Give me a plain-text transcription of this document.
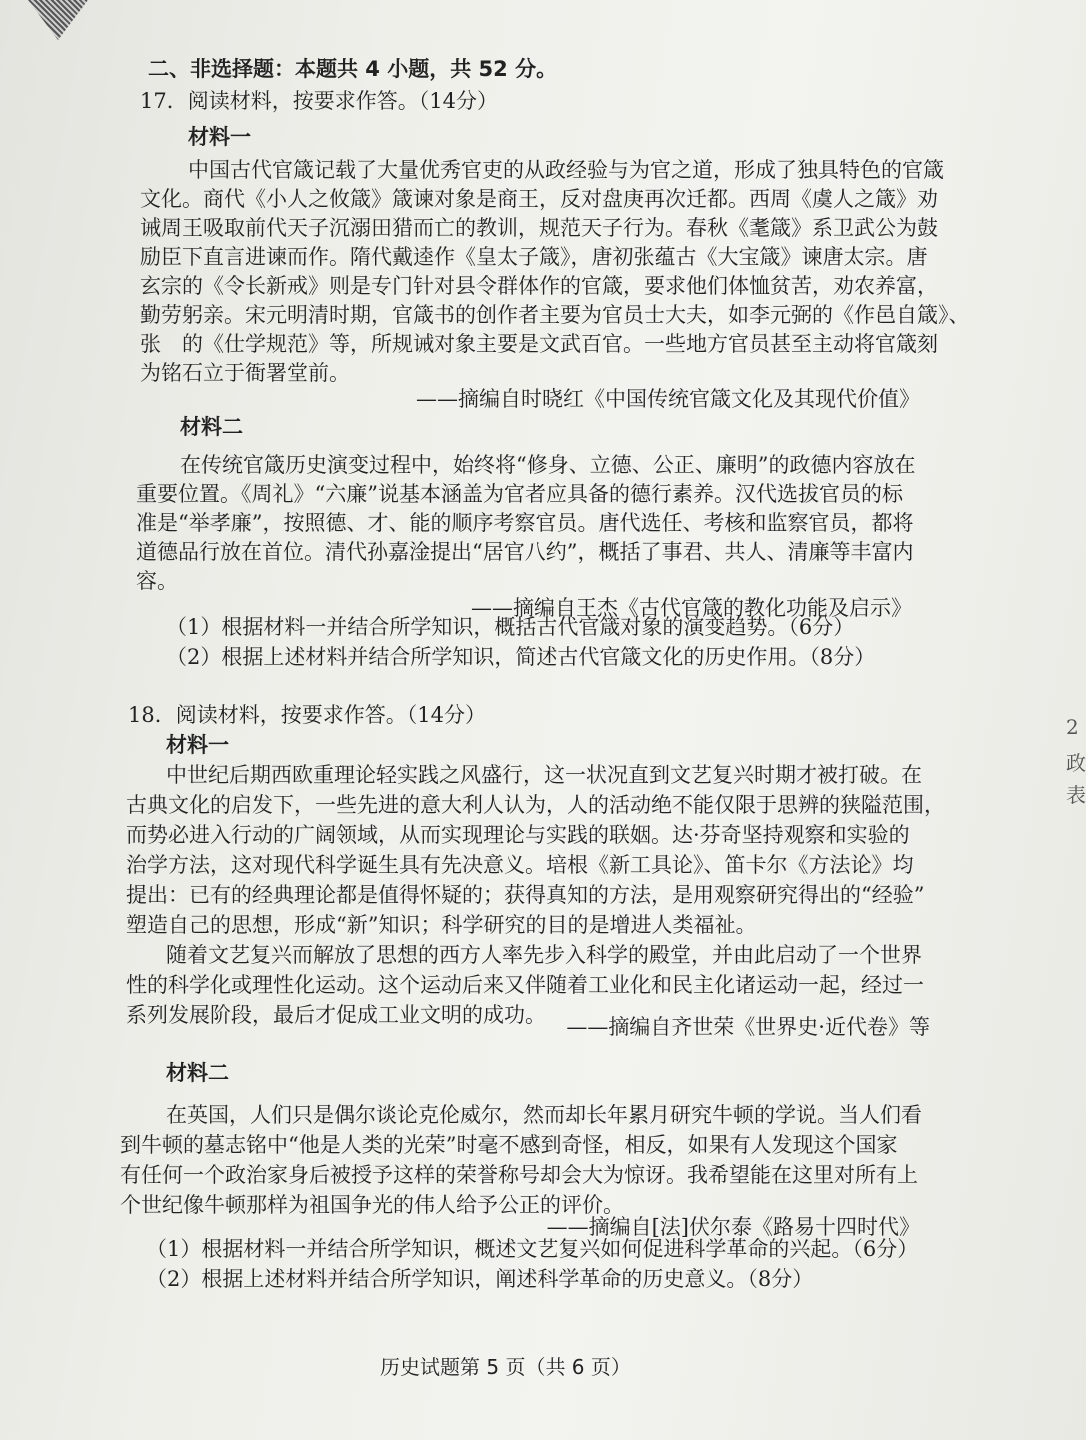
2
政
表
二、非选择题：本题共 4 小题，共 52 分。
17．阅读材料，按要求作答。（14分）
材料一
中国古代官箴记载了大量优秀官吏的从政经验与为官之道，形成了独具特色的官箴
文化。商代《小人之攸箴》箴谏对象是商王，反对盘庚再次迁都。西周《虞人之箴》劝
诫周王吸取前代天子沉溺田猎而亡的教训，规范天子行为。春秋《耄箴》系卫武公为鼓
励臣下直言进谏而作。隋代戴逵作《皇太子箴》，唐初张蕴古《大宝箴》谏唐太宗。唐
玄宗的《令长新戒》则是专门针对县令群体作的官箴，要求他们体恤贫苦，劝农养富，
勤劳躬亲。宋元明清时期，官箴书的创作者主要为官员士大夫，如李元弼的《作邑自箴》、
张　的《仕学规范》等，所规诫对象主要是文武百官。一些地方官员甚至主动将官箴刻
为铭石立于衙署堂前。
——摘编自时晓红《中国传统官箴文化及其现代价值》
材料二
在传统官箴历史演变过程中，始终将“修身、立德、公正、廉明”的政德内容放在
重要位置。《周礼》“六廉”说基本涵盖为官者应具备的德行素养。汉代选拔官员的标
准是“举孝廉”，按照德、才、能的顺序考察官员。唐代选任、考核和监察官员，都将
道德品行放在首位。清代孙嘉淦提出“居官八约”，概括了事君、共人、清廉等丰富内
容。
——摘编自王杰《古代官箴的教化功能及启示》
（1）根据材料一并结合所学知识，概括古代官箴对象的演变趋势。（6分）
（2）根据上述材料并结合所学知识，简述古代官箴文化的历史作用。（8分）
18．阅读材料，按要求作答。（14分）
材料一
中世纪后期西欧重理论轻实践之风盛行，这一状况直到文艺复兴时期才被打破。在
古典文化的启发下，一些先进的意大利人认为，人的活动绝不能仅限于思辨的狭隘范围，
而势必进入行动的广阔领域，从而实现理论与实践的联姻。达·芬奇坚持观察和实验的
治学方法，这对现代科学诞生具有先决意义。培根《新工具论》、笛卡尔《方法论》均
提出：已有的经典理论都是值得怀疑的；获得真知的方法，是用观察研究得出的“经验”
塑造自己的思想，形成“新”知识；科学研究的目的是增进人类福祉。
随着文艺复兴而解放了思想的西方人率先步入科学的殿堂，并由此启动了一个世界
性的科学化或理性化运动。这个运动后来又伴随着工业化和民主化诸运动一起，经过一
系列发展阶段，最后才促成工业文明的成功。 ——摘编自齐世荣《世界史·近代卷》等
材料二
在英国，人们只是偶尔谈论克伦威尔，然而却长年累月研究牛顿的学说。当人们看
到牛顿的墓志铭中“他是人类的光荣”时毫不感到奇怪，相反，如果有人发现这个国家
有任何一个政治家身后被授予这样的荣誉称号却会大为惊讶。我希望能在这里对所有上
个世纪像牛顿那样为祖国争光的伟人给予公正的评价。
——摘编自[法]伏尔泰《路易十四时代》
（1）根据材料一并结合所学知识，概述文艺复兴如何促进科学革命的兴起。（6分）
（2）根据上述材料并结合所学知识，阐述科学革命的历史意义。（8分）
历史试题第 5 页（共 6 页）
